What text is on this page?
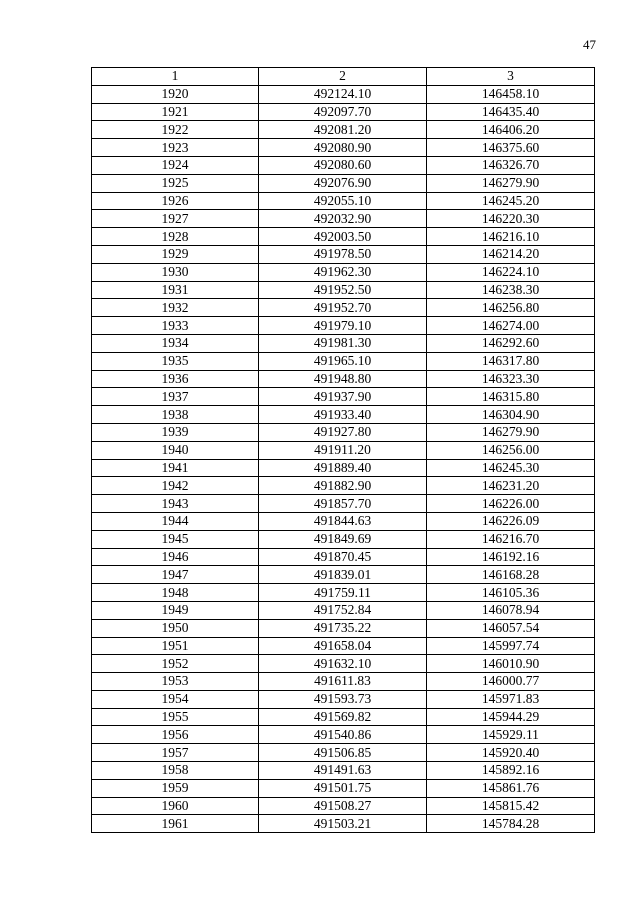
47
1	2	3
1920	492124.10	146458.10
1921	492097.70	146435.40
1922	492081.20	146406.20
1923	492080.90	146375.60
1924	492080.60	146326.70
1925	492076.90	146279.90
1926	492055.10	146245.20
1927	492032.90	146220.30
1928	492003.50	146216.10
1929	491978.50	146214.20
1930	491962.30	146224.10
1931	491952.50	146238.30
1932	491952.70	146256.80
1933	491979.10	146274.00
1934	491981.30	146292.60
1935	491965.10	146317.80
1936	491948.80	146323.30
1937	491937.90	146315.80
1938	491933.40	146304.90
1939	491927.80	146279.90
1940	491911.20	146256.00
1941	491889.40	146245.30
1942	491882.90	146231.20
1943	491857.70	146226.00
1944	491844.63	146226.09
1945	491849.69	146216.70
1946	491870.45	146192.16
1947	491839.01	146168.28
1948	491759.11	146105.36
1949	491752.84	146078.94
1950	491735.22	146057.54
1951	491658.04	145997.74
1952	491632.10	146010.90
1953	491611.83	146000.77
1954	491593.73	145971.83
1955	491569.82	145944.29
1956	491540.86	145929.11
1957	491506.85	145920.40
1958	491491.63	145892.16
1959	491501.75	145861.76
1960	491508.27	145815.42
1961	491503.21	145784.28
